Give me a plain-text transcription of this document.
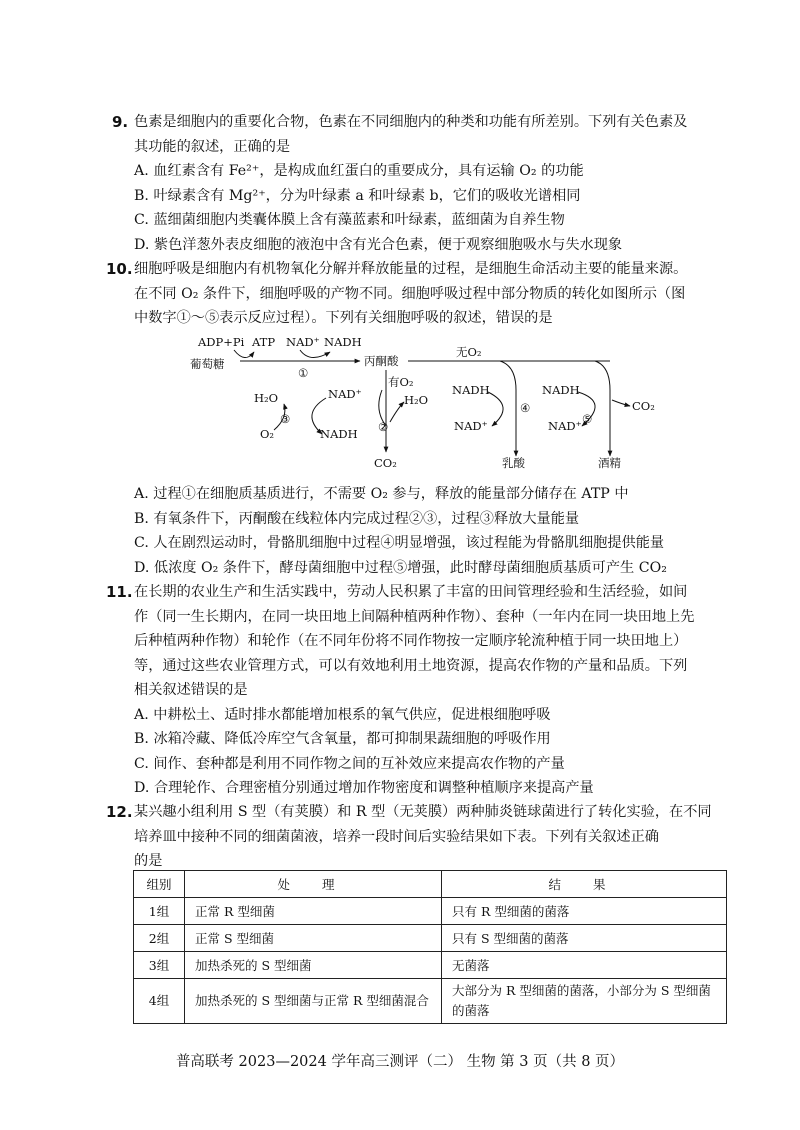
9. 色素是细胞内的重要化合物，色素在不同细胞内的种类和功能有所差别。下列有关色素及
其功能的叙述，正确的是
A. 血红素含有 Fe²⁺，是构成血红蛋白的重要成分，具有运输 O₂ 的功能
B. 叶绿素含有 Mg²⁺，分为叶绿素 a 和叶绿素 b，它们的吸收光谱相同
C. 蓝细菌细胞内类囊体膜上含有藻蓝素和叶绿素，蓝细菌为自养生物
D. 紫色洋葱外表皮细胞的液泡中含有光合色素，便于观察细胞吸水与失水现象
10. 细胞呼吸是细胞内有机物氧化分解并释放能量的过程，是细胞生命活动主要的能量来源。
在不同 O₂ 条件下，细胞呼吸的产物不同。细胞呼吸过程中部分物质的转化如图所示（图
中数字①～⑤表示反应过程）。下列有关细胞呼吸的叙述，错误的是
ADP+Pi ATP NAD⁺ NADH
葡萄糖
①
丙酮酸
无O₂
有O₂
②
CO₂
NAD⁺	H₂O
H₂O
③
O₂	NADH
NADH
④
NAD⁺
乳酸
NADH
⑤
CO₂
NAD⁺
酒精
A. 过程①在细胞质基质进行，不需要 O₂ 参与，释放的能量部分储存在 ATP 中
B. 有氧条件下，丙酮酸在线粒体内完成过程②③，过程③释放大量能量
C. 人在剧烈运动时，骨骼肌细胞中过程④明显增强，该过程能为骨骼肌细胞提供能量
D. 低浓度 O₂ 条件下，酵母菌细胞中过程⑤增强，此时酵母菌细胞质基质可产生 CO₂
11. 在长期的农业生产和生活实践中，劳动人民积累了丰富的田间管理经验和生活经验，如间
作（同一生长期内，在同一块田地上间隔种植两种作物）、套种（一年内在同一块田地上先
后种植两种作物）和轮作（在不同年份将不同作物按一定顺序轮流种植于同一块田地上）
等，通过这些农业管理方式，可以有效地利用土地资源，提高农作物的产量和品质。下列
相关叙述错误的是
A. 中耕松土、适时排水都能增加根系的氧气供应，促进根细胞呼吸
B. 冰箱冷藏、降低冷库空气含氧量，都可抑制果蔬细胞的呼吸作用
C. 间作、套种都是利用不同作物之间的互补效应来提高农作物的产量
D. 合理轮作、合理密植分别通过增加作物密度和调整种植顺序来提高产量
12. 某兴趣小组利用 S 型（有荚膜）和 R 型（无荚膜）两种肺炎链球菌进行了转化实验，在不同
培养皿中接种不同的细菌菌液，培养一段时间后实验结果如下表。下列有关叙述正确
的是
组别	处 理	结 果
1组	正常 R 型细菌	只有 R 型细菌的菌落
2组	正常 S 型细菌	只有 S 型细菌的菌落
3组	加热杀死的 S 型细菌	无菌落
4组	加热杀死的 S 型细菌与正常 R 型细菌混合	大部分为 R 型细菌的菌落，小部分为 S 型细菌的菌落
普高联考 2023—2024 学年高三测评（二） 生物 第 3 页（共 8 页）
